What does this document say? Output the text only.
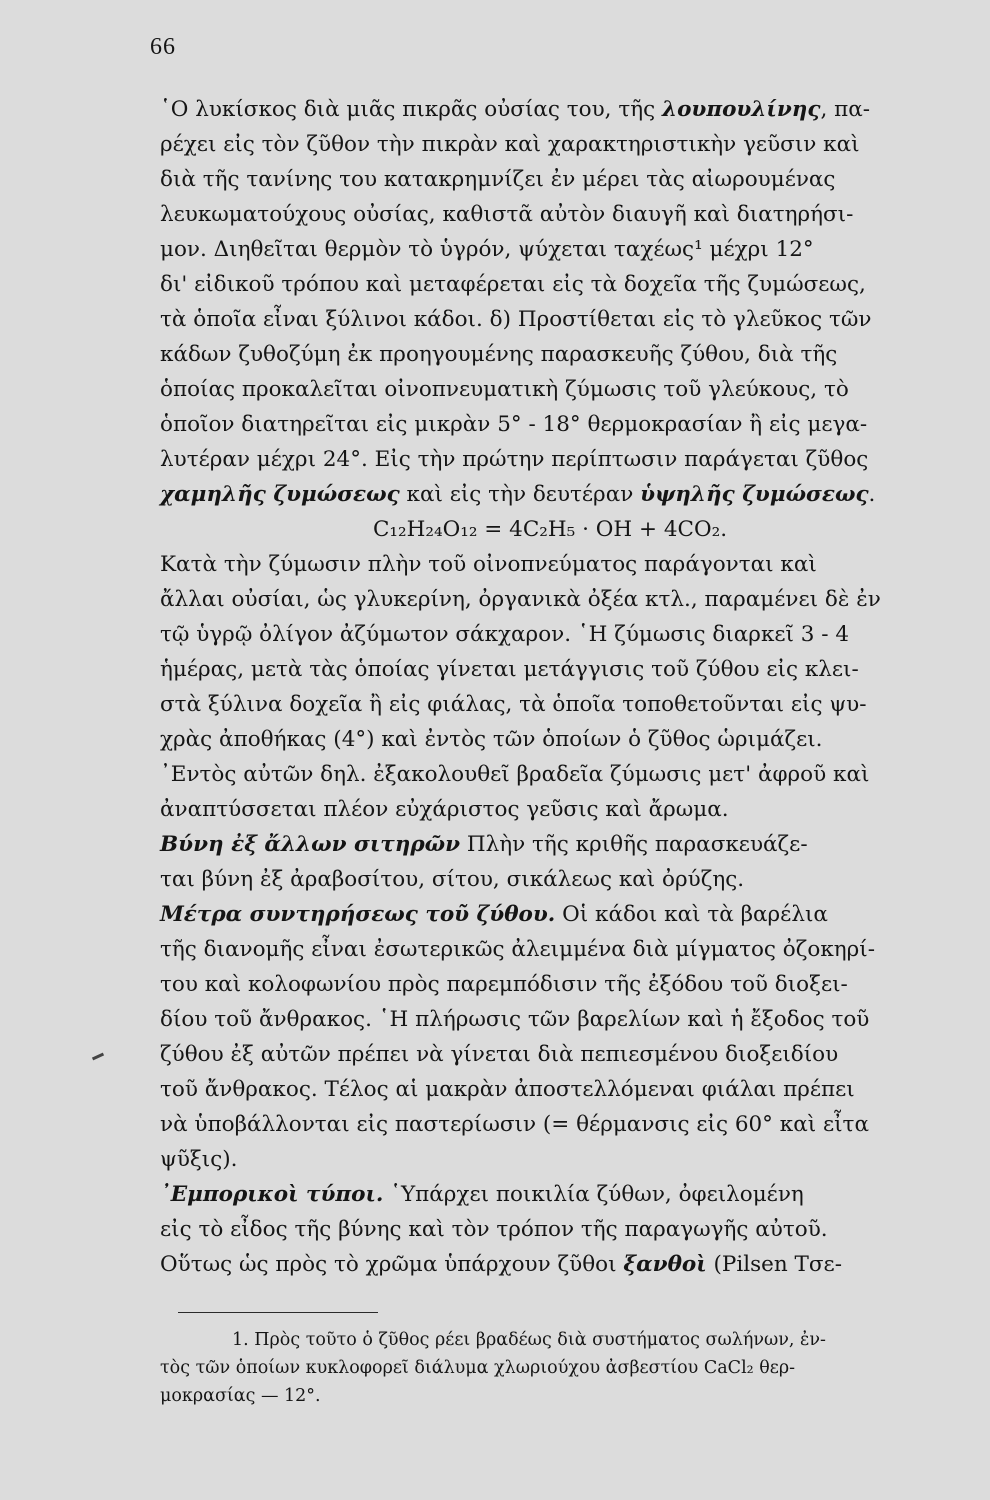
66
῾Ο λυκίσκος διὰ μιᾶς πικρᾶς οὐσίας του, τῆς λουπουλίνης, πα-
ρέχει εἰς τὸν ζῦθον τὴν πικρὰν καὶ χαρακτηριστικὴν γεῦσιν καὶ
διὰ τῆς τανίνης του κατακρημνίζει ἐν μέρει τὰς αἰωρουμένας
λευκωματούχους οὐσίας, καθιστᾶ αὐτὸν διαυγῆ καὶ διατηρήσι-
μον. Διηθεῖται θερμὸν τὸ ὑγρόν, ψύχεται ταχέως¹ μέχρι 12°
δι' εἰδικοῦ τρόπου καὶ μεταφέρεται εἰς τὰ δοχεῖα τῆς ζυμώσεως,
τὰ ὁποῖα εἶναι ξύλινοι κάδοι. δ) Προστίθεται εἰς τὸ γλεῦκος τῶν
κάδων ζυθοζύμη ἐκ προηγουμένης παρασκευῆς ζύθου, διὰ τῆς
ὁποίας προκαλεῖται οἰνοπνευματικὴ ζύμωσις τοῦ γλεύκους, τὸ
ὁποῖον διατηρεῖται εἰς μικρὰν 5° - 18° θερμοκρασίαν ἢ εἰς μεγα-
λυτέραν μέχρι 24°. Εἰς τὴν πρώτην περίπτωσιν παράγεται ζῦθος
χαμηλῆς ζυμώσεως καὶ εἰς τὴν δευτέραν ὑψηλῆς ζυμώσεως.
C₁₂H₂₄O₁₂ = 4C₂H₅ · OH + 4CO₂.
Κατὰ τὴν ζύμωσιν πλὴν τοῦ οἰνοπνεύματος παράγονται καὶ
ἄλλαι οὐσίαι, ὡς γλυκερίνη, ὀργανικὰ ὀξέα κτλ., παραμένει δὲ ἐν
τῷ ὑγρῷ ὀλίγον ἀζύμωτον σάκχαρον. ῾Η ζύμωσις διαρκεῖ 3 - 4
ἡμέρας, μετὰ τὰς ὁποίας γίνεται μετάγγισις τοῦ ζύθου εἰς κλει-
στὰ ξύλινα δοχεῖα ἢ εἰς φιάλας, τὰ ὁποῖα τοποθετοῦνται εἰς ψυ-
χρὰς ἀποθήκας (4°) καὶ ἐντὸς τῶν ὁποίων ὁ ζῦθος ὡριμάζει.
᾿Εντὸς αὐτῶν δηλ. ἐξακολουθεῖ βραδεῖα ζύμωσις μετ' ἀφροῦ καὶ
ἀναπτύσσεται πλέον εὐχάριστος γεῦσις καὶ ἄρωμα.
Βύνη ἐξ ἄλλων σιτηρῶν Πλὴν τῆς κριθῆς παρασκευάζε-
ται βύνη ἐξ ἀραβοσίτου, σίτου, σικάλεως καὶ ὀρύζης.
Μέτρα συντηρήσεως τοῦ ζύθου. Οἱ κάδοι καὶ τὰ βαρέλια
τῆς διανομῆς εἶναι ἐσωτερικῶς ἀλειμμένα διὰ μίγματος ὀζοκηρί-
του καὶ κολοφωνίου πρὸς παρεμπόδισιν τῆς ἐξόδου τοῦ διοξει-
δίου τοῦ ἄνθρακος. ῾Η πλήρωσις τῶν βαρελίων καὶ ἡ ἔξοδος τοῦ
ζύθου ἐξ αὐτῶν πρέπει νὰ γίνεται διὰ πεπιεσμένου διοξειδίου
τοῦ ἄνθρακος. Τέλος αἱ μακρὰν ἀποστελλόμεναι φιάλαι πρέπει
νὰ ὑποβάλλονται εἰς παστερίωσιν (= θέρμανσις εἰς 60° καὶ εἶτα
ψῦξις).
᾿Εμπορικοὶ τύποι. ῾Υπάρχει ποικιλία ζύθων, ὀφειλομένη
εἰς τὸ εἶδος τῆς βύνης καὶ τὸν τρόπον τῆς παραγωγῆς αὐτοῦ.
Οὕτως ὡς πρὸς τὸ χρῶμα ὑπάρχουν ζῦθοι ξανθοὶ (Pilsen Τσε-
1. Πρὸς τοῦτο ὁ ζῦθος ρέει βραδέως διὰ συστήματος σωλήνων, ἐν-
τὸς τῶν ὁποίων κυκλοφορεῖ διάλυμα χλωριούχου ἀσβεστίου CaCl₂ θερ-
μοκρασίας — 12°.
